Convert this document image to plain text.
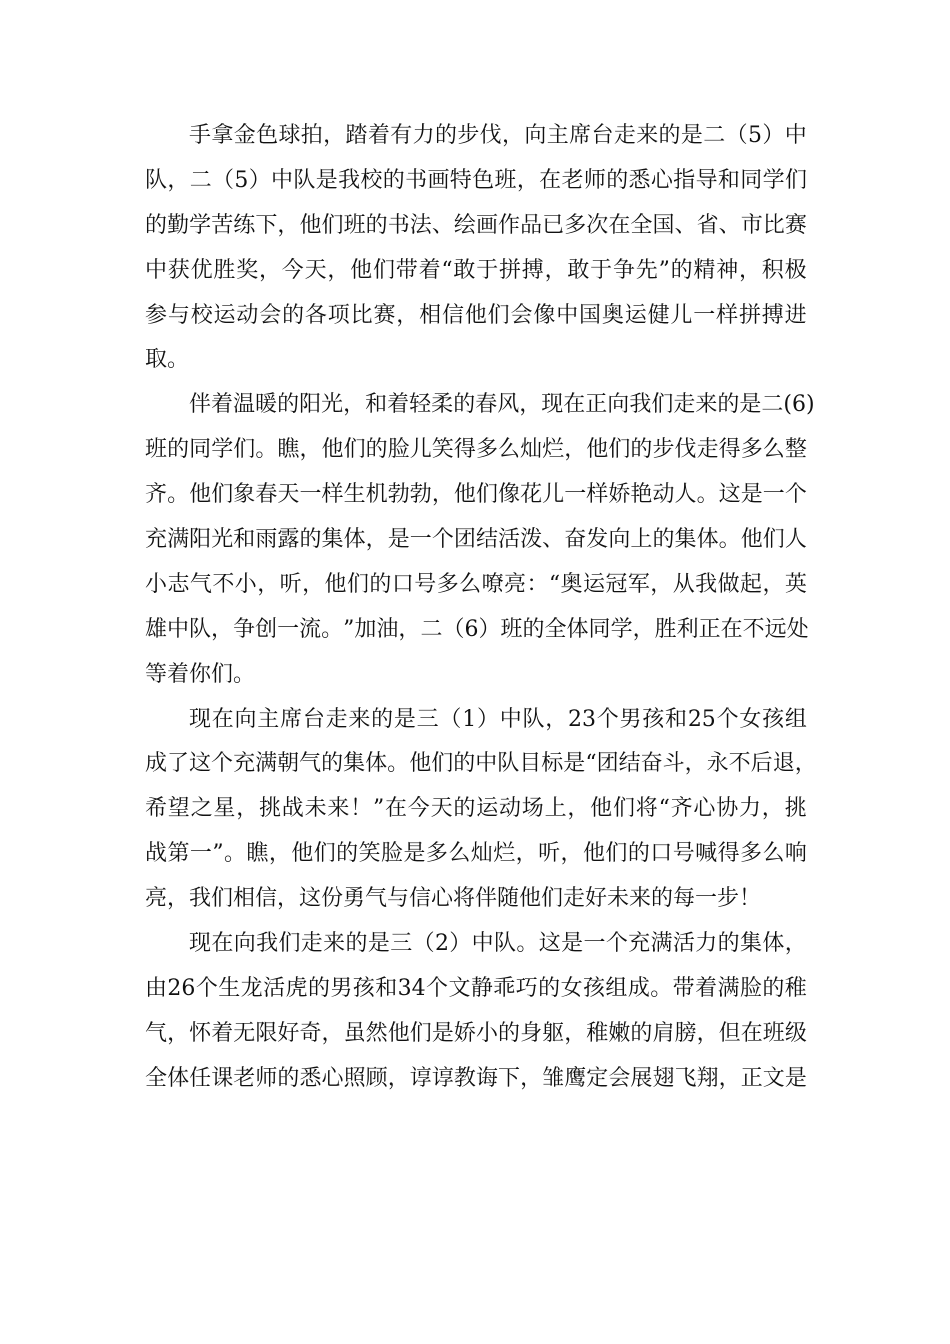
手 拿 金 色 球 拍 ， 踏 着 有 力 的 步 伐 ， 向 主 席 台 走 来 的 是 二 （ 5 ） 中
队 ， 二 （ 5 ） 中 队 是 我 校 的 书 画 特 色 班 ， 在 老 师 的 悉 心 指 导 和 同 学 们
的 勤 学 苦 练 下 ， 他 们 班 的 书 法 、 绘 画 作 品 已 多 次 在 全 国 、 省 、 市 比 赛
中 获 优 胜 奖 ， 今 天 ， 他 们 带 着 “ 敢 于 拼 搏 ， 敢 于 争 先 ” 的 精 神 ， 积 极
参 与 校 运 动 会 的 各 项 比 赛 ， 相 信 他 们 会 像 中 国 奥 运 健 儿 一 样 拼 搏 进
取。
伴 着 温 暖 的 阳 光 ， 和 着 轻 柔 的 春 风 ， 现 在 正 向 我 们 走 来 的 是 二 (6)
班 的 同 学 们 。 瞧 ， 他 们 的 脸 儿 笑 得 多 么 灿 烂 ， 他 们 的 步 伐 走 得 多 么 整
齐 。 他 们 象 春 天 一 样 生 机 勃 勃 ， 他 们 像 花 儿 一 样 娇 艳 动 人 。 这 是 一 个
充 满 阳 光 和 雨 露 的 集 体 ， 是 一 个 团 结 活 泼 、 奋 发 向 上 的 集 体 。 他 们 人
小 志 气 不 小 ， 听 ， 他 们 的 口 号 多 么 嘹 亮 ： “ 奥 运 冠 军 ， 从 我 做 起 ， 英
雄 中 队 ， 争 创 一 流 。 ” 加 油 ， 二 （ 6 ） 班 的 全 体 同 学 ， 胜 利 正 在 不 远 处
等着你们。
现 在 向 主 席 台 走 来 的 是 三 （ 1 ） 中 队 ， 23 个 男 孩 和 25 个 女 孩 组
成 了 这 个 充 满 朝 气 的 集 体 。 他 们 的 中 队 目 标 是 “ 团 结 奋 斗 ， 永 不 后 退 ，
希 望 之 星 ， 挑 战 未 来 ！ ” 在 今 天 的 运 动 场 上 ， 他 们 将 “ 齐 心 协 力 ， 挑
战 第 一 ” 。 瞧 ， 他 们 的 笑 脸 是 多 么 灿 烂 ， 听 ， 他 们 的 口 号 喊 得 多 么 响
亮，我们相信，这份勇气与信心将伴随他们走好未来的每一步！
现 在 向 我 们 走 来 的 是 三 （ 2 ） 中 队 。 这 是 一 个 充 满 活 力 的 集 体 ，
由 26 个 生 龙 活 虎 的 男 孩 和 34 个 文 静 乖 巧 的 女 孩 组 成 。 带 着 满 脸 的 稚
气 ， 怀 着 无 限 好 奇 ， 虽 然 他 们 是 娇 小 的 身 躯 ， 稚 嫩 的 肩 膀 ， 但 在 班 级
全 体 任 课 老 师 的 悉 心 照 顾 ， 谆 谆 教 诲 下 ， 雏 鹰 定 会 展 翅 飞 翔 ， 正 文 是
